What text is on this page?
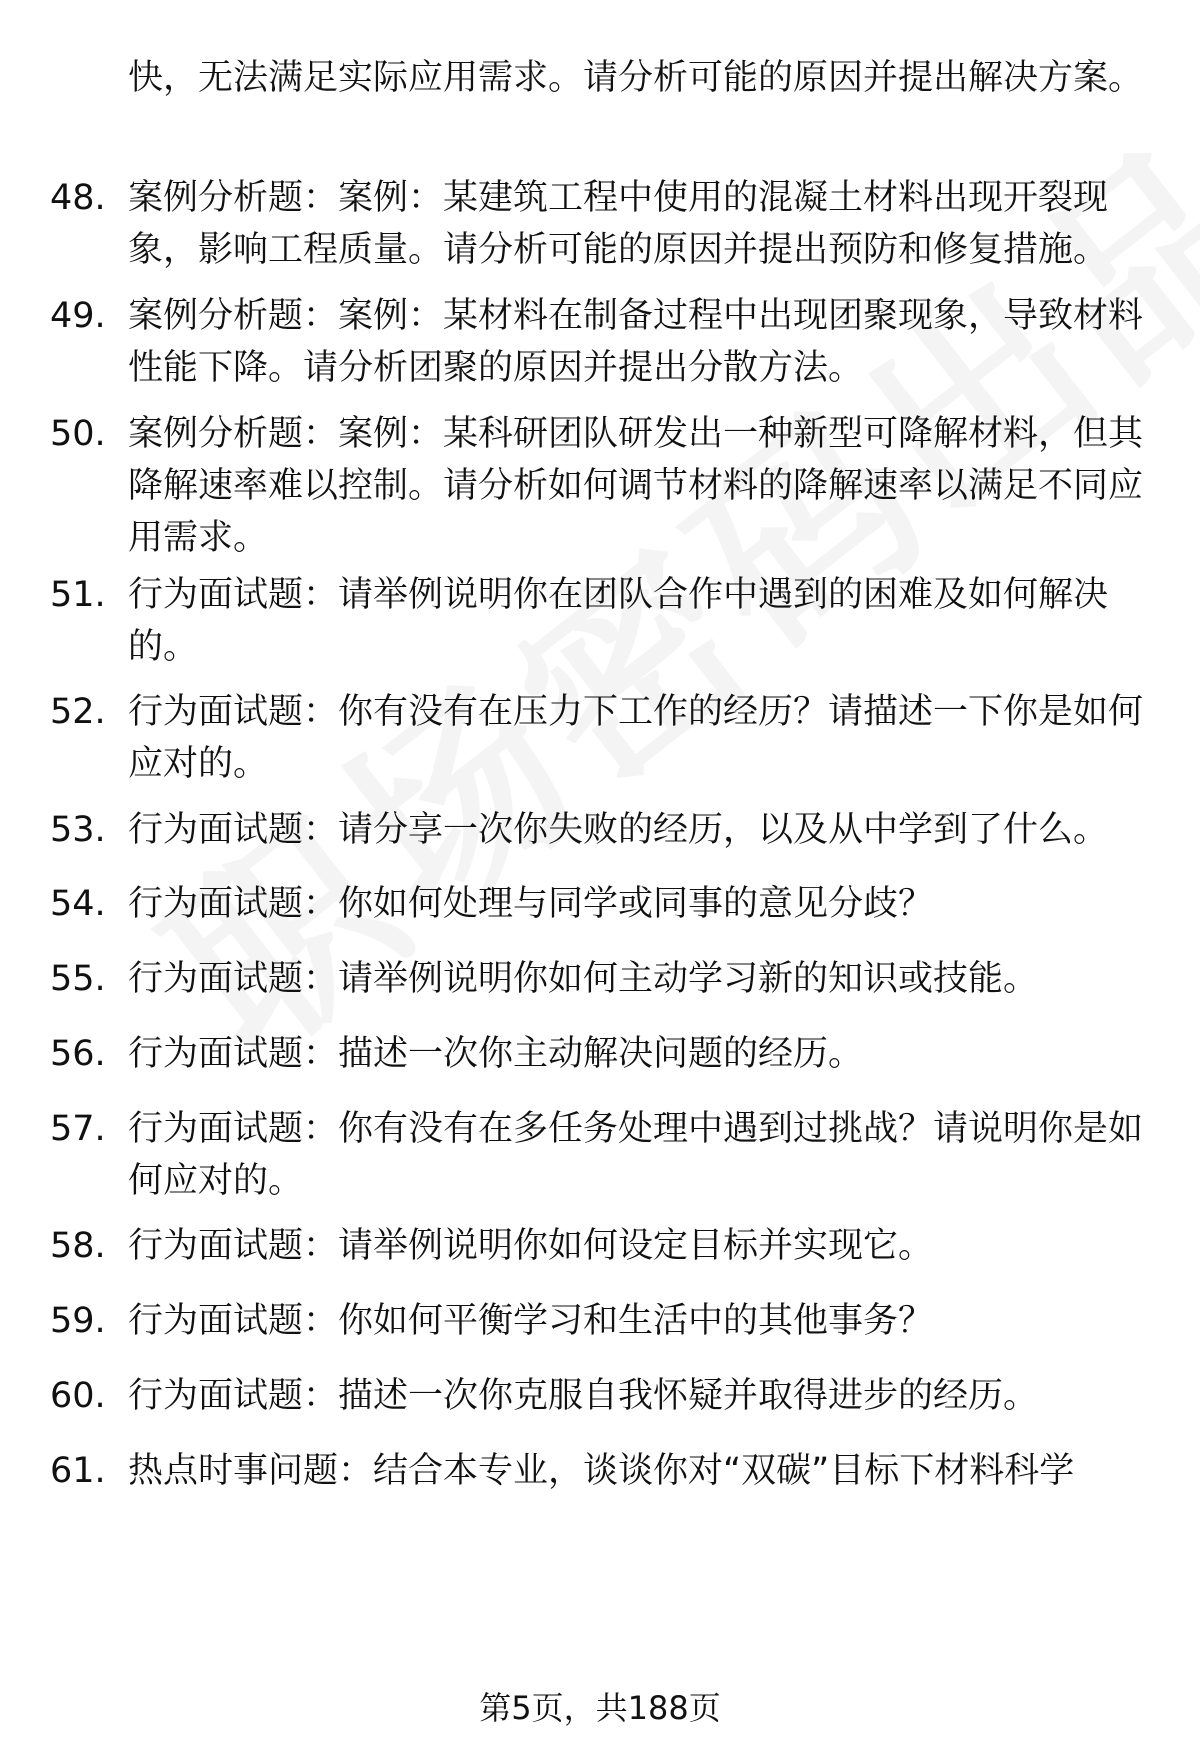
快，无法满足实际应用需求。请分析可能的原因并提出解决方案。
48. 案例分析题：案例：某建筑工程中使用的混凝土材料出现开裂现象，影响工程质量。请分析可能的原因并提出预防和修复措施。
49. 案例分析题：案例：某材料在制备过程中出现团聚现象，导致材料性能下降。请分析团聚的原因并提出分散方法。
50. 案例分析题：案例：某科研团队研发出一种新型可降解材料，但其降解速率难以控制。请分析如何调节材料的降解速率以满足不同应用需求。
51. 行为面试题：请举例说明你在团队合作中遇到的困难及如何解决的。
52. 行为面试题：你有没有在压力下工作的经历？请描述一下你是如何应对的。
53. 行为面试题：请分享一次你失败的经历，以及从中学到了什么。
54. 行为面试题：你如何处理与同学或同事的意见分歧？
55. 行为面试题：请举例说明你如何主动学习新的知识或技能。
56. 行为面试题：描述一次你主动解决问题的经历。
57. 行为面试题：你有没有在多任务处理中遇到过挑战？请说明你是如何应对的。
58. 行为面试题：请举例说明你如何设定目标并实现它。
59. 行为面试题：你如何平衡学习和生活中的其他事务？
60. 行为面试题：描述一次你克服自我怀疑并取得进步的经历。
61. 热点时事问题：结合本专业，谈谈你对“双碳”目标下材料科学
第5页，共188页
